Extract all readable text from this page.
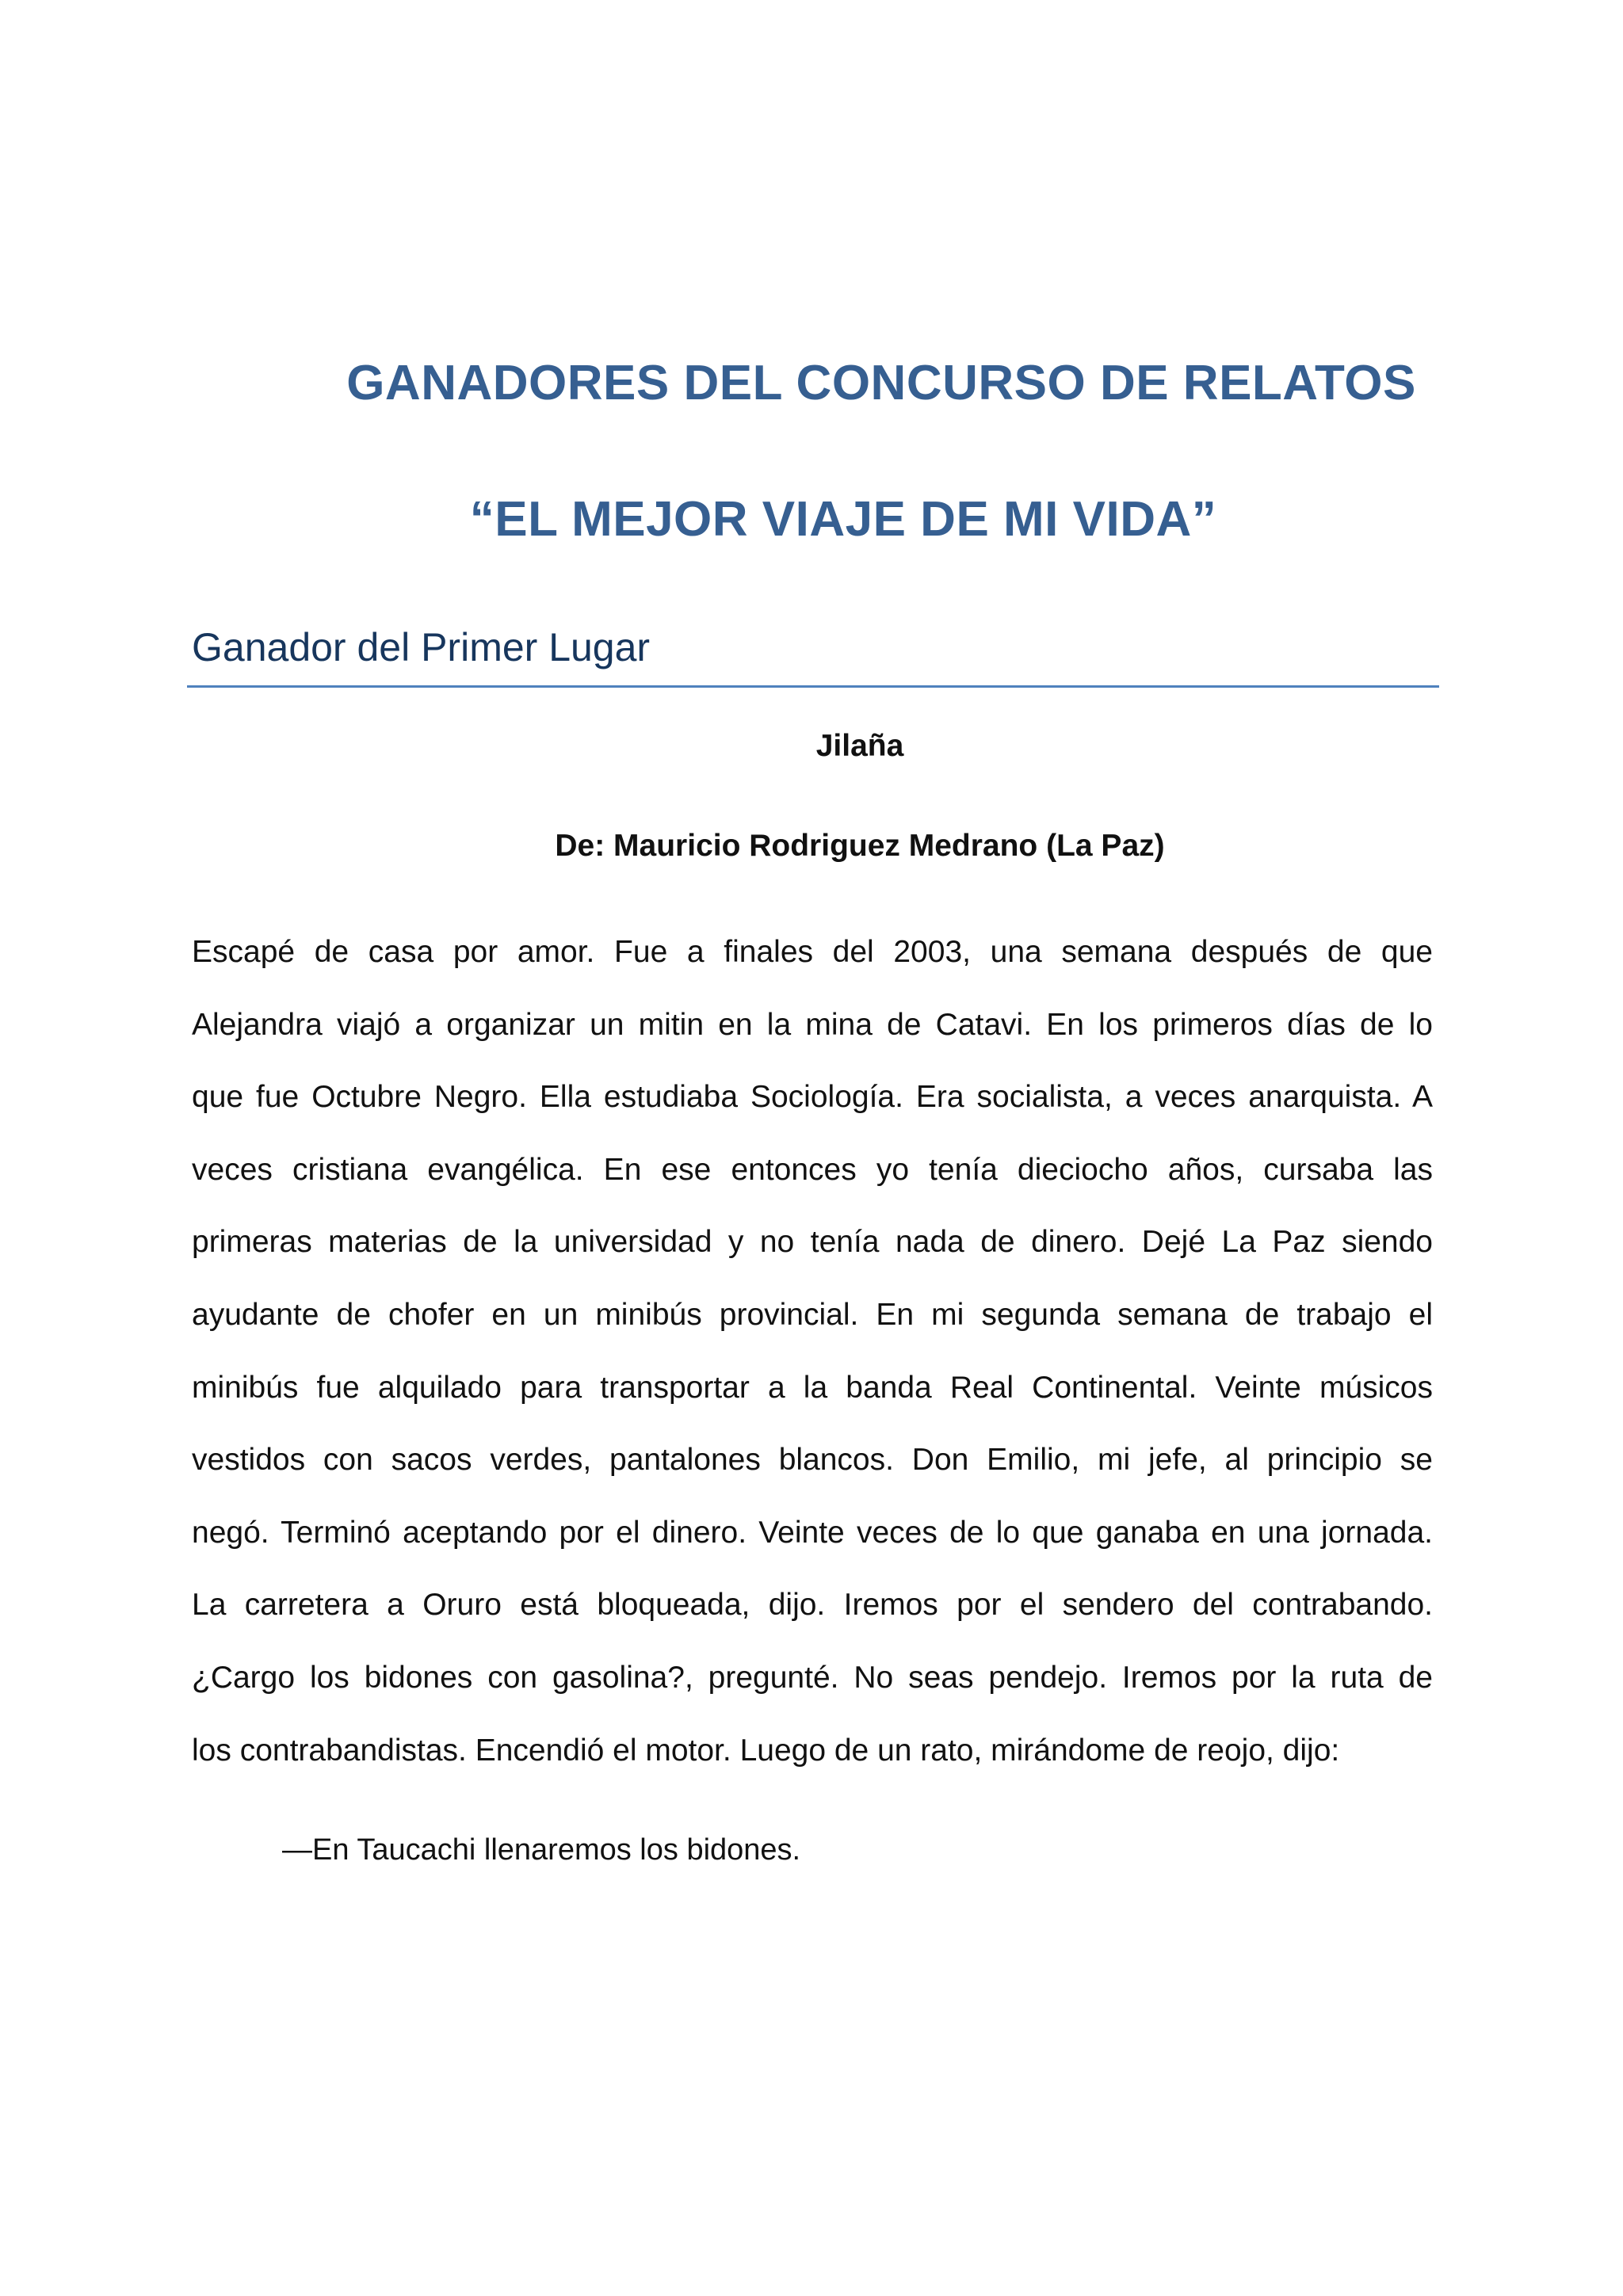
GANADORES DEL CONCURSO DE RELATOS
“EL MEJOR VIAJE DE MI VIDA”
Ganador del Primer Lugar
Jilaña
De: Mauricio Rodriguez Medrano (La Paz)
Escapé de casa por amor. Fue a finales del 2003, una semana después de que
Alejandra viajó a organizar un mitin en la mina de Catavi. En los primeros días de lo
que fue Octubre Negro. Ella estudiaba Sociología. Era socialista, a veces anarquista. A
veces cristiana evangélica. En ese entonces yo tenía dieciocho años, cursaba las
primeras materias de la universidad y no tenía nada de dinero. Dejé La Paz siendo
ayudante de chofer en un minibús provincial. En mi segunda semana de trabajo el
minibús fue alquilado para transportar a la banda Real Continental. Veinte músicos
vestidos con sacos verdes, pantalones blancos. Don Emilio, mi jefe, al principio se
negó. Terminó aceptando por el dinero. Veinte veces de lo que ganaba en una jornada.
La carretera a Oruro está bloqueada, dijo. Iremos por el sendero del contrabando.
¿Cargo los bidones con gasolina?, pregunté. No seas pendejo. Iremos por la ruta de
los contrabandistas. Encendió el motor. Luego de un rato, mirándome de reojo, dijo:
—En Taucachi llenaremos los bidones.
